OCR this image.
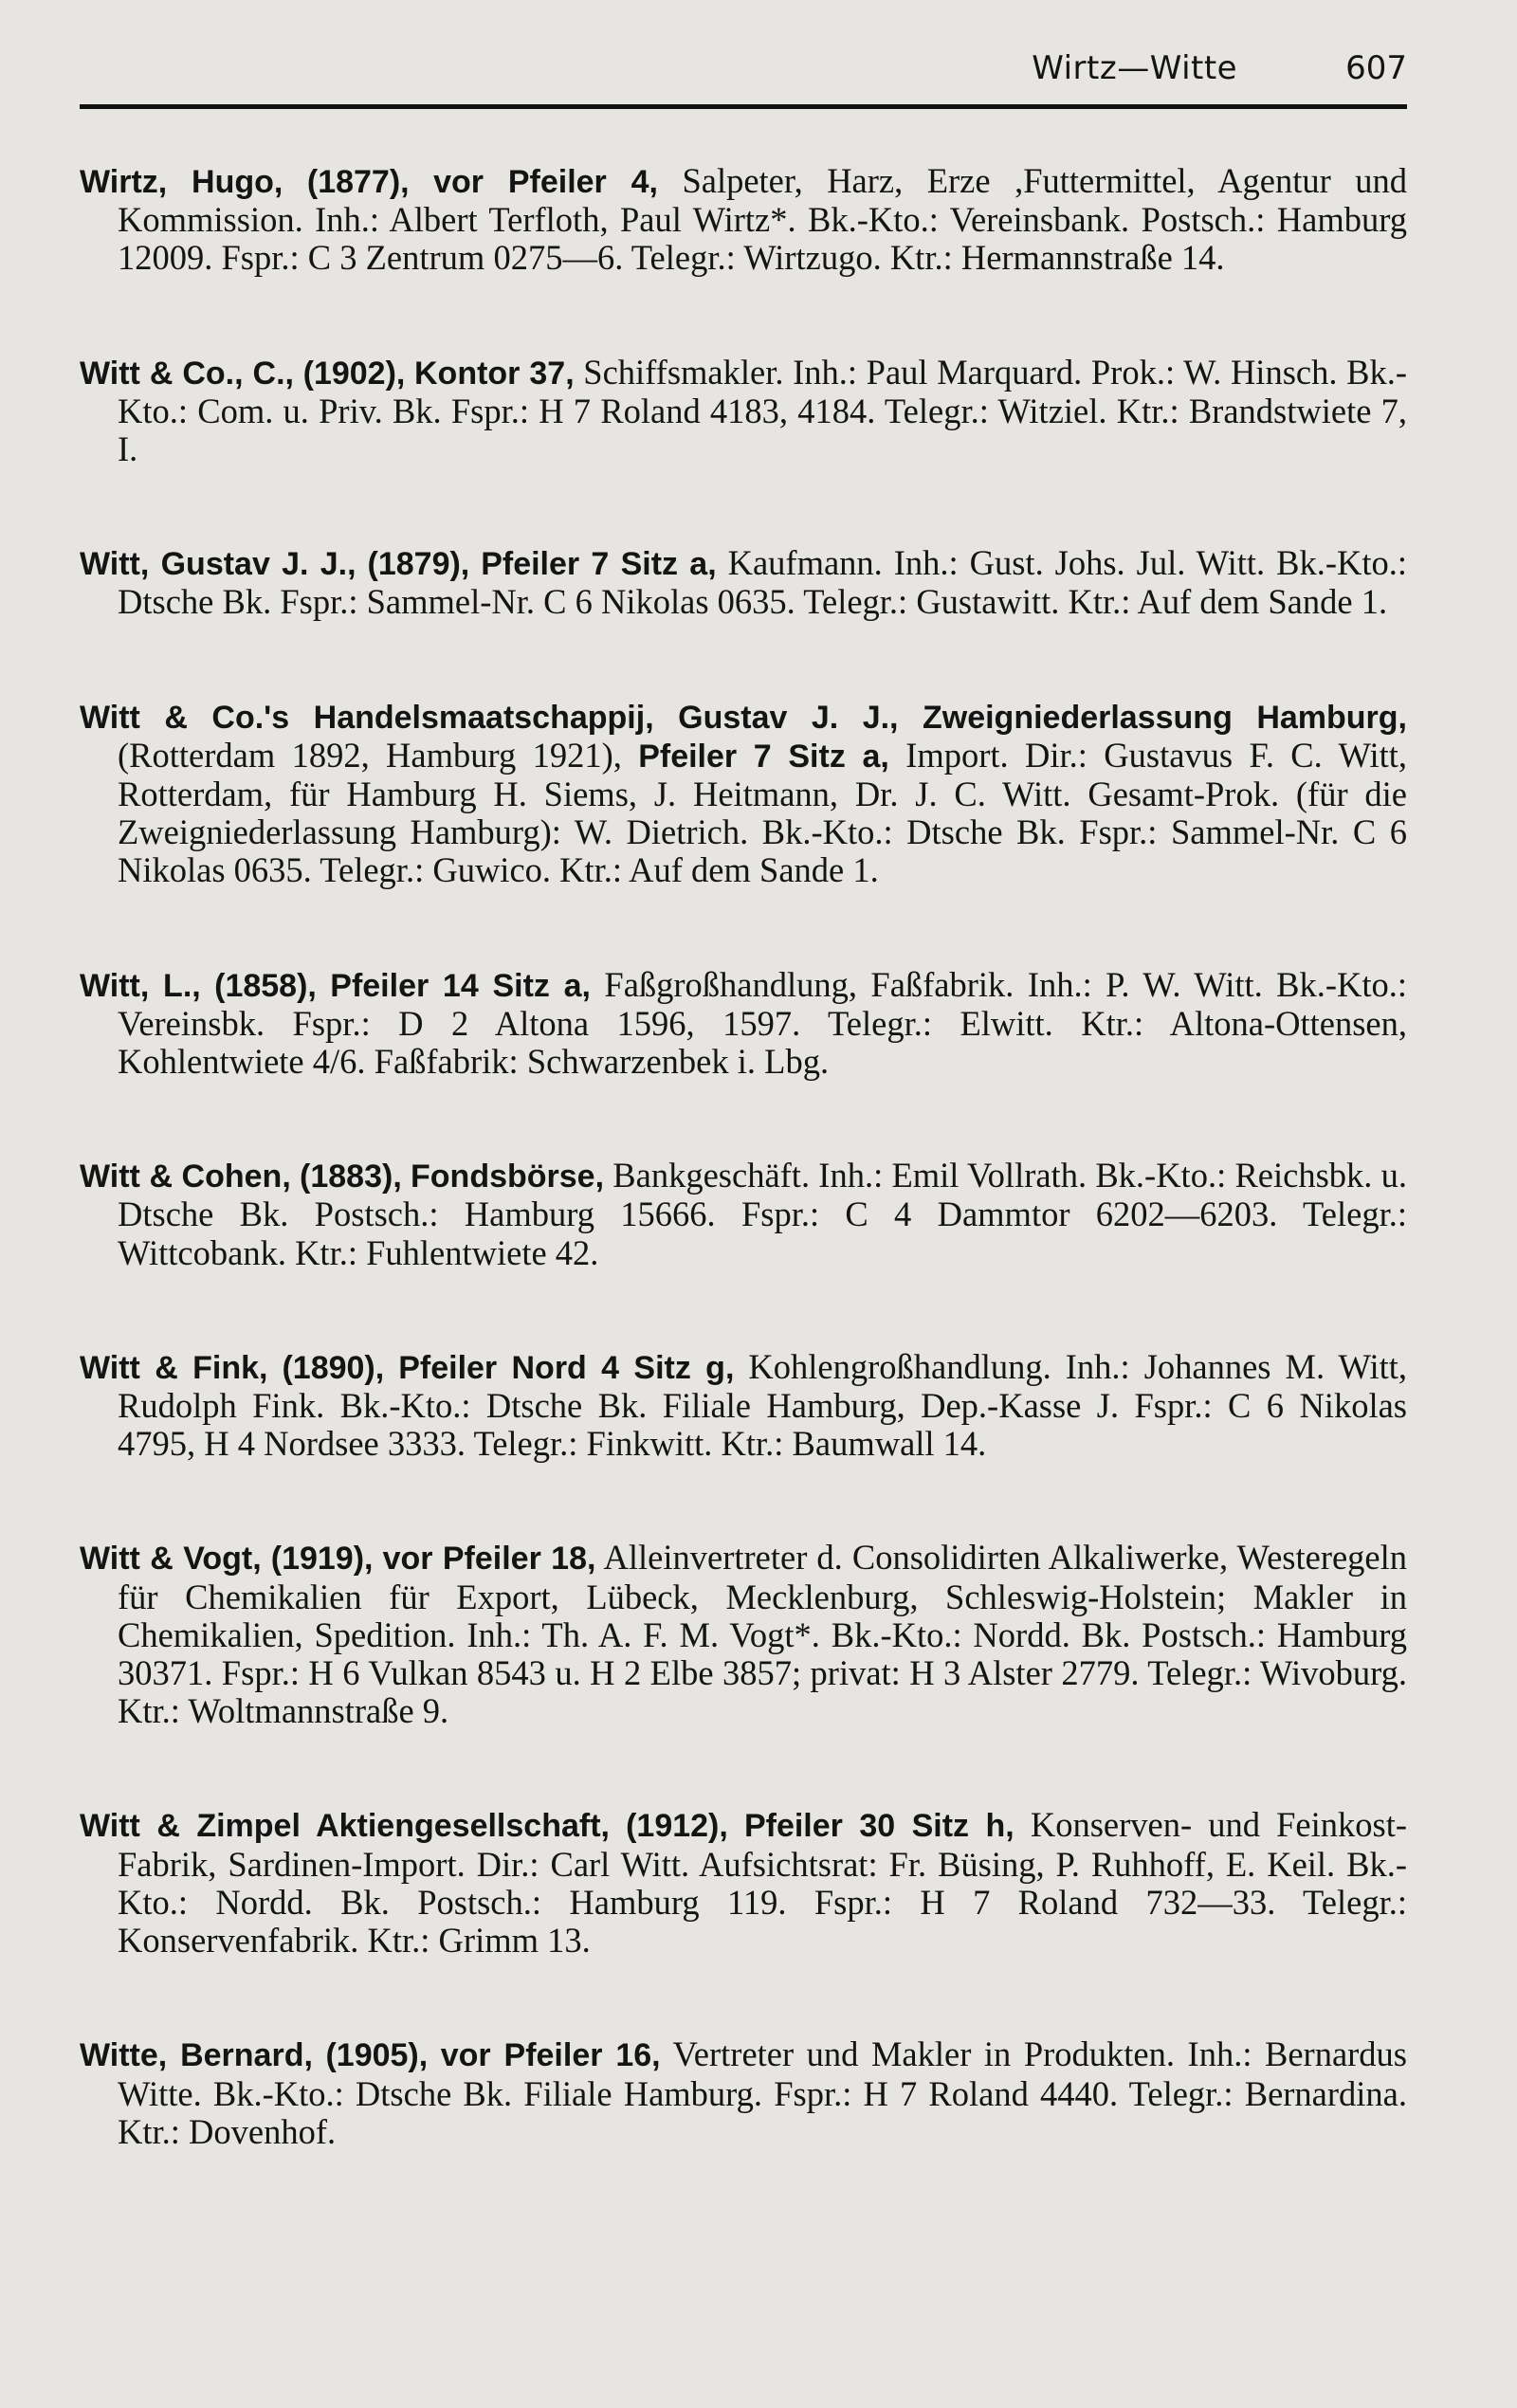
Wirtz—Witte	607

Wirtz, Hugo, (1877), vor Pfeiler 4, Salpeter, Harz, Erze ,Futtermittel, Agentur und Kommission. Inh.: Albert Terfloth, Paul Wirtz*. Bk.-Kto.: Vereinsbank. Postsch.: Hamburg 12009. Fspr.: C 3 Zentrum 0275—6. Telegr.: Wirtzugo. Ktr.: Hermannstraße 14.

Witt & Co., C., (1902), Kontor 37, Schiffsmakler. Inh.: Paul Marquard. Prok.: W. Hinsch. Bk.-Kto.: Com. u. Priv. Bk. Fspr.: H 7 Roland 4183, 4184. Telegr.: Witziel. Ktr.: Brandstwiete 7, I.

Witt, Gustav J. J., (1879), Pfeiler 7 Sitz a, Kaufmann. Inh.: Gust. Johs. Jul. Witt. Bk.-Kto.: Dtsche Bk. Fspr.: Sammel-Nr. C 6 Nikolas 0635. Telegr.: Gustawitt. Ktr.: Auf dem Sande 1.

Witt & Co.'s Handelsmaatschappij, Gustav J. J., Zweigniederlassung Hamburg, (Rotterdam 1892, Hamburg 1921), Pfeiler 7 Sitz a, Import. Dir.: Gustavus F. C. Witt, Rotterdam, für Hamburg H. Siems, J. Heitmann, Dr. J. C. Witt. Gesamt-Prok. (für die Zweigniederlassung Hamburg): W. Dietrich. Bk.-Kto.: Dtsche Bk. Fspr.: Sammel-Nr. C 6 Nikolas 0635. Telegr.: Guwico. Ktr.: Auf dem Sande 1.

Witt, L., (1858), Pfeiler 14 Sitz a, Faßgroßhandlung, Faßfabrik. Inh.: P. W. Witt. Bk.-Kto.: Vereinsbk. Fspr.: D 2 Altona 1596, 1597. Telegr.: Elwitt. Ktr.: Altona-Ottensen, Kohlentwiete 4/6. Faßfabrik: Schwarzenbek i. Lbg.

Witt & Cohen, (1883), Fondsbörse, Bankgeschäft. Inh.: Emil Vollrath. Bk.-Kto.: Reichsbk. u. Dtsche Bk. Postsch.: Hamburg 15666. Fspr.: C 4 Dammtor 6202—6203. Telegr.: Wittcobank. Ktr.: Fuhlentwiete 42.

Witt & Fink, (1890), Pfeiler Nord 4 Sitz g, Kohlengroßhandlung. Inh.: Johannes M. Witt, Rudolph Fink. Bk.-Kto.: Dtsche Bk. Filiale Hamburg, Dep.-Kasse J. Fspr.: C 6 Nikolas 4795, H 4 Nordsee 3333. Telegr.: Finkwitt. Ktr.: Baumwall 14.

Witt & Vogt, (1919), vor Pfeiler 18, Alleinvertreter d. Consolidirten Alkaliwerke, Westeregeln für Chemikalien für Export, Lübeck, Mecklenburg, Schleswig-Holstein; Makler in Chemikalien, Spedition. Inh.: Th. A. F. M. Vogt*. Bk.-Kto.: Nordd. Bk. Postsch.: Hamburg 30371. Fspr.: H 6 Vulkan 8543 u. H 2 Elbe 3857; privat: H 3 Alster 2779. Telegr.: Wivoburg. Ktr.: Woltmannstraße 9.

Witt & Zimpel Aktiengesellschaft, (1912), Pfeiler 30 Sitz h, Konserven- und Feinkost-Fabrik, Sardinen-Import. Dir.: Carl Witt. Aufsichtsrat: Fr. Büsing, P. Ruhhoff, E. Keil. Bk.-Kto.: Nordd. Bk. Postsch.: Hamburg 119. Fspr.: H 7 Roland 732—33. Telegr.: Konservenfabrik. Ktr.: Grimm 13.

Witte, Bernard, (1905), vor Pfeiler 16, Vertreter und Makler in Produkten. Inh.: Bernardus Witte. Bk.-Kto.: Dtsche Bk. Filiale Hamburg. Fspr.: H 7 Roland 4440. Telegr.: Bernardina. Ktr.: Dovenhof.
